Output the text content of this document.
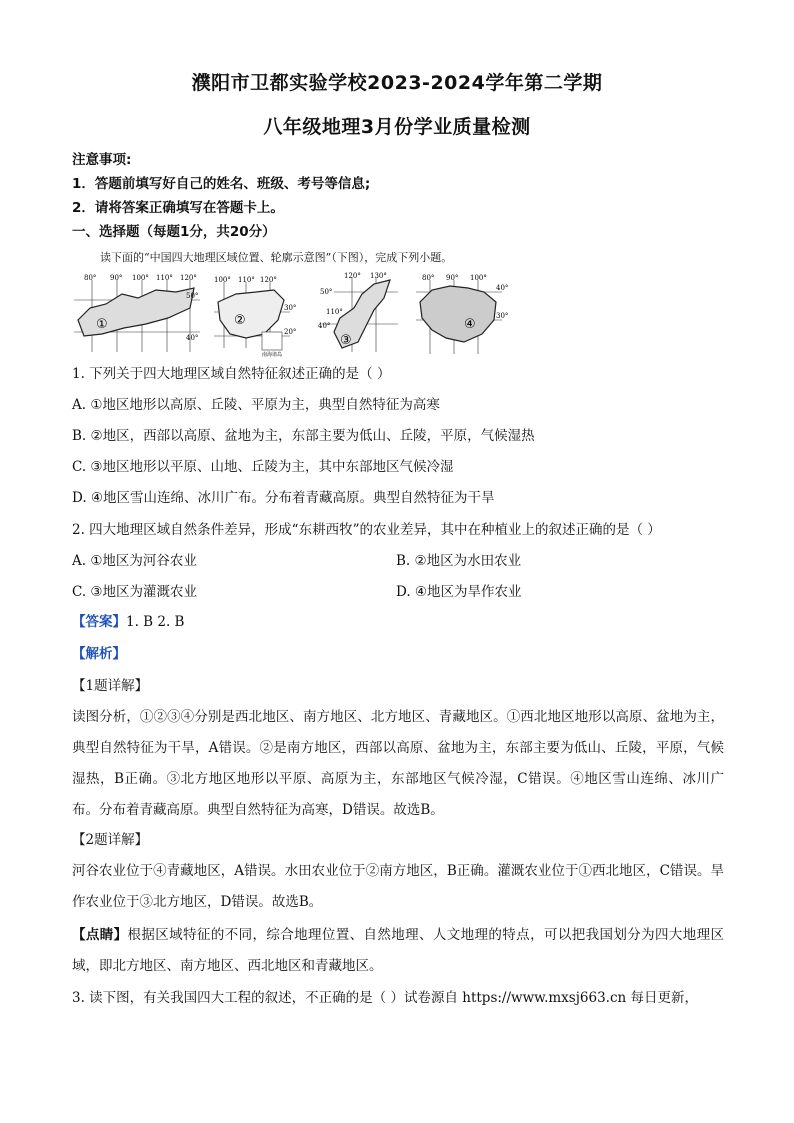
濮阳市卫都实验学校2023-2024学年第二学期
八年级地理3月份学业质量检测
注意事项:
1．答题前填写好自己的姓名、班级、考号等信息;
2．请将答案正确填写在答题卡上。
一、选择题（每题1分，共20分）
读下面的“中国四大地理区域位置、轮廓示意图”（下图），完成下列小题。
①
80° 90° 100° 110° 120°
50°
40°
②
100° 110° 120°
30°
20°
南海诸岛
③
120° 130°
50°
40°
110°
④
80° 90° 100°
40°
30°
1. 下列关于四大地理区域自然特征叙述正确的是（ ）
A. ①地区地形以高原、丘陵、平原为主，典型自然特征为高寒
B. ②地区，西部以高原、盆地为主，东部主要为低山、丘陵，平原，气候湿热
C. ③地区地形以平原、山地、丘陵为主，其中东部地区气候冷湿
D. ④地区雪山连绵、冰川广布。分布着青藏高原。典型自然特征为干旱
2. 四大地理区域自然条件差异，形成“东耕西牧”的农业差异，其中在种植业上的叙述正确的是（ ）
A. ①地区为河谷农业	B. ②地区为水田农业
C. ③地区为灌溉农业	D. ④地区为旱作农业
【答案】1. B 2. B
【解析】
【1题详解】
读图分析，①②③④分别是西北地区、南方地区、北方地区、青藏地区。①西北地区地形以高原、盆地为主，典型自然特征为干旱，A错误。②是南方地区，西部以高原、盆地为主，东部主要为低山、丘陵，平原，气候湿热，B正确。③北方地区地形以平原、高原为主，东部地区气候冷湿，C错误。④地区雪山连绵、冰川广布。分布着青藏高原。典型自然特征为高寒，D错误。故选B。
【2题详解】
河谷农业位于④青藏地区，A错误。水田农业位于②南方地区，B正确。灌溉农业位于①西北地区，C错误。旱作农业位于③北方地区，D错误。故选B。
【点睛】根据区域特征的不同，综合地理位置、自然地理、人文地理的特点，可以把我国划分为四大地理区域，即北方地区、南方地区、西北地区和青藏地区。
3. 读下图，有关我国四大工程的叙述，不正确的是（ ）试卷源自 https://www.mxsj663.cn 每日更新，
